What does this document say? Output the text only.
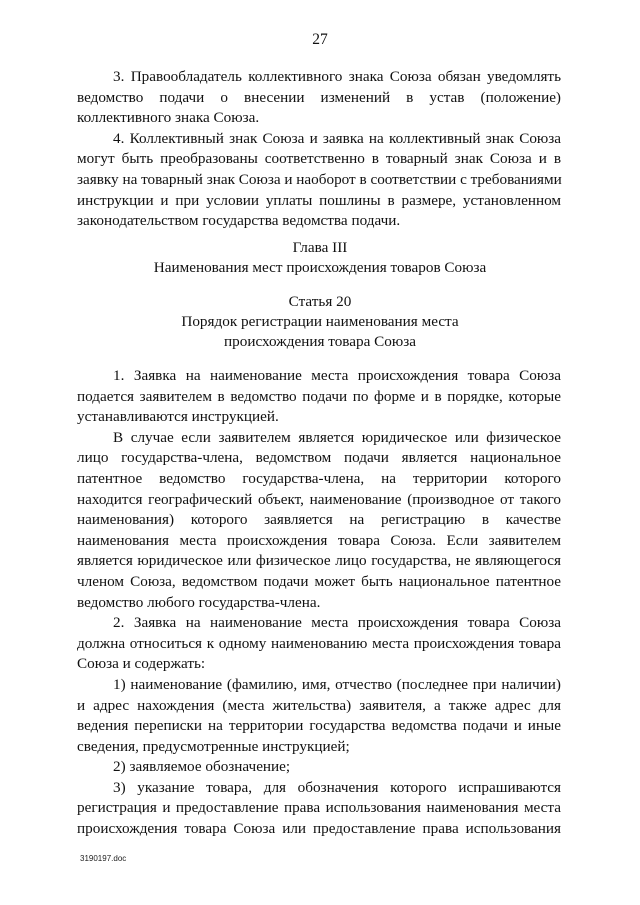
27
3. Правообладатель коллективного знака Союза обязан уведомлять
ведомство подачи о внесении изменений в устав (положение)
коллективного знака Союза.
4. Коллективный знак Союза и заявка на коллективный знак Союза
могут быть преобразованы соответственно в товарный знак Союза и в
заявку на товарный знак Союза и наоборот в соответствии с требованиями
инструкции и при условии уплаты пошлины в размере, установленном
законодательством государства ведомства подачи.
Глава III
Наименования мест происхождения товаров Союза
Статья 20
Порядок регистрации наименования места
происхождения товара Союза
1. Заявка на наименование места происхождения товара Союза
подается заявителем в ведомство подачи по форме и в порядке, которые
устанавливаются инструкцией.
В случае если заявителем является юридическое или физическое
лицо государства-члена, ведомством подачи является национальное
патентное ведомство государства-члена, на территории которого
находится географический объект, наименование (производное от такого
наименования) которого заявляется на регистрацию в качестве
наименования места происхождения товара Союза. Если заявителем
является юридическое или физическое лицо государства, не являющегося
членом Союза, ведомством подачи может быть национальное патентное
ведомство любого государства-члена.
2. Заявка на наименование места происхождения товара Союза
должна относиться к одному наименованию места происхождения товара
Союза и содержать:
1) наименование (фамилию, имя, отчество (последнее при наличии)
и адрес нахождения (места жительства) заявителя, а также адрес для
ведения переписки на территории государства ведомства подачи и иные
сведения, предусмотренные инструкцией;
2) заявляемое обозначение;
3) указание товара, для обозначения которого испрашиваются
регистрация и предоставление права использования наименования места
происхождения товара Союза или предоставление права использования
3190197.doc
